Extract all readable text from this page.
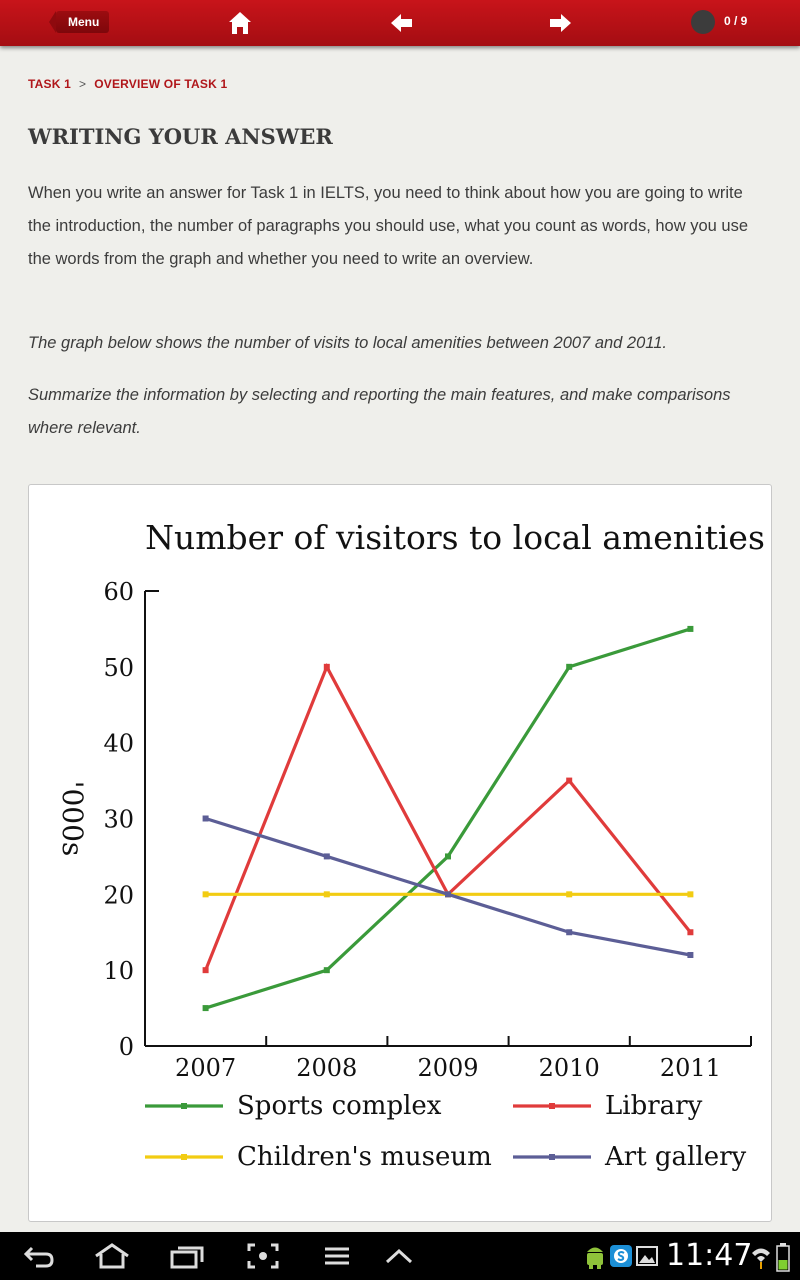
Menu	0 / 9
TASK 1 > OVERVIEW OF TASK 1
WRITING YOUR ANSWER

When you write an answer for Task 1 in IELTS, you need to think about how you are going to write the introduction, the number of paragraphs you should use, what you count as words, how you use the words from the graph and whether you need to write an overview.

The graph below shows the number of visits to local amenities between 2007 and 2011.

Summarize the information by selecting and reporting the main features, and make comparisons where relevant.

Number of visitors to local amenities
0
10
20
30
40
50
60
2007	2008	2009	2010	2011
'000s
Sports complex	Library
Children's museum	Art gallery
11:47
